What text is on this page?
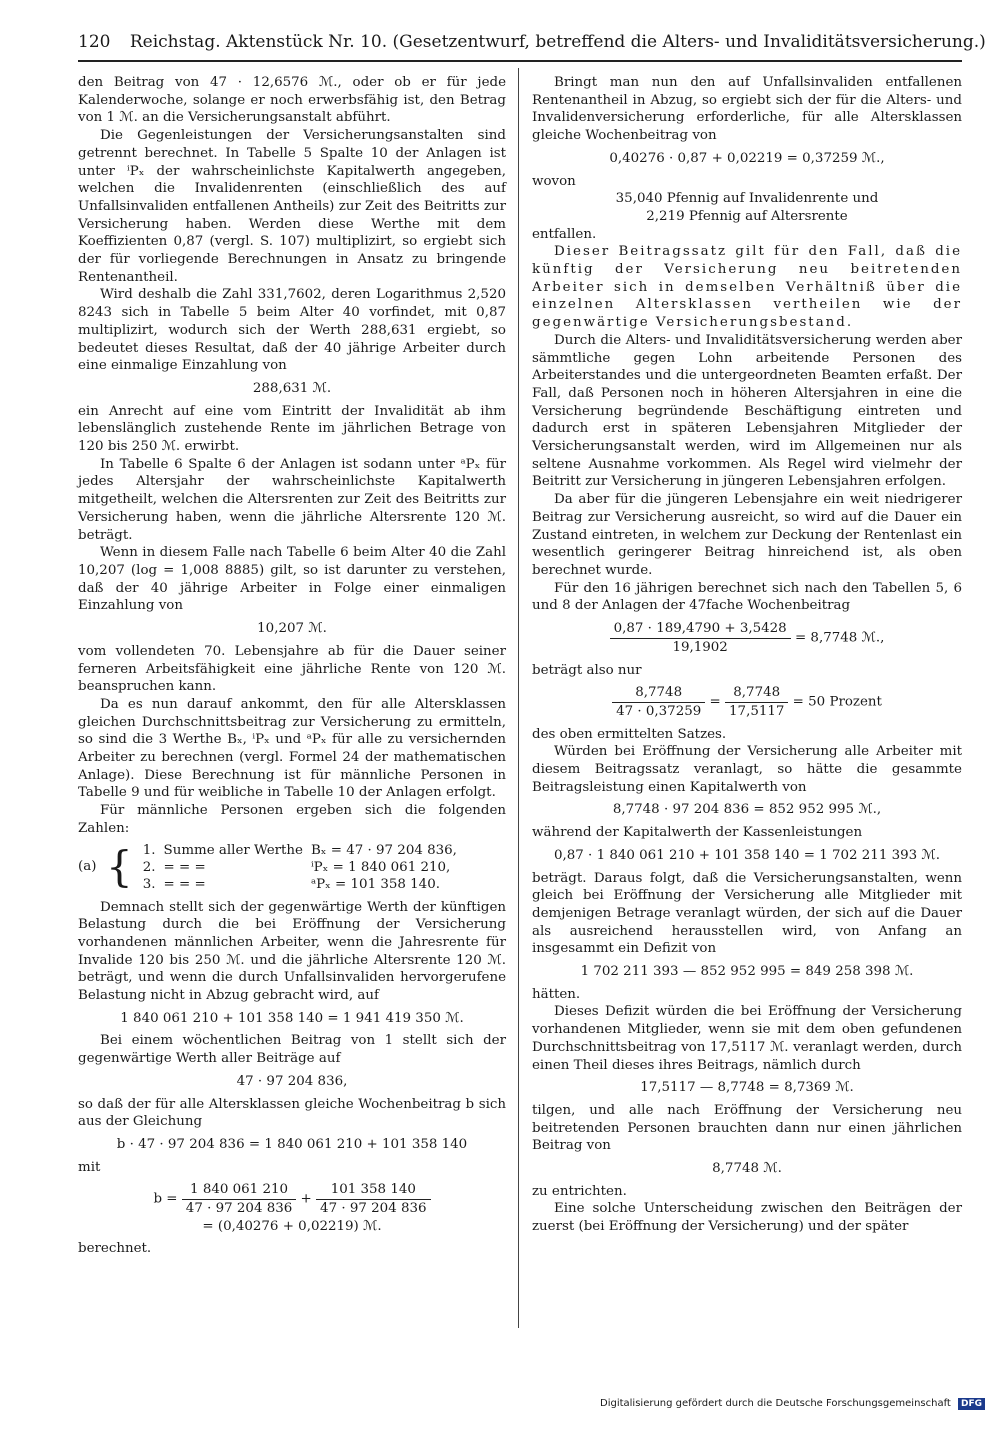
120 Reichstag. Aktenstück Nr. 10. (Gesetzentwurf, betreffend die Alters- und Invaliditätsversicherung.)

den Beitrag von 47 · 12,6576 ℳ., oder ob er für jede Kalenderwoche, solange er noch erwerbsfähig ist, den Betrag von 1 ℳ. an die Versicherungsanstalt abführt.

Die Gegenleistungen der Versicherungsanstalten sind getrennt berechnet. In Tabelle 5 Spalte 10 der Anlagen ist unter ⁱPₓ der wahrscheinlichste Kapitalwerth angegeben, welchen die Invalidenrenten (einschließlich des auf Unfallsinvaliden entfallenen Antheils) zur Zeit des Beitritts zur Versicherung haben. Werden diese Werthe mit dem Koeffizienten 0,87 (vergl. S. 107) multiplizirt, so ergiebt sich der für vorliegende Berechnungen in Ansatz zu bringende Rentenantheil.

Wird deshalb die Zahl 331,7602, deren Logarithmus 2,520 8243 sich in Tabelle 5 beim Alter 40 vorfindet, mit 0,87 multiplizirt, wodurch sich der Werth 288,631 ergiebt, so bedeutet dieses Resultat, daß der 40 jährige Arbeiter durch eine einmalige Einzahlung von

288,631 ℳ.

ein Anrecht auf eine vom Eintritt der Invalidität ab ihm lebenslänglich zustehende Rente im jährlichen Betrage von 120 bis 250 ℳ. erwirbt.

In Tabelle 6 Spalte 6 der Anlagen ist sodann unter ᵃPₓ für jedes Altersjahr der wahrscheinlichste Kapitalwerth mitgetheilt, welchen die Altersrenten zur Zeit des Beitritts zur Versicherung haben, wenn die jährliche Altersrente 120 ℳ. beträgt.

Wenn in diesem Falle nach Tabelle 6 beim Alter 40 die Zahl 10,207 (log = 1,008 8885) gilt, so ist darunter zu verstehen, daß der 40 jährige Arbeiter in Folge einer einmaligen Einzahlung von

10,207 ℳ.

vom vollendeten 70. Lebensjahre ab für die Dauer seiner ferneren Arbeitsfähigkeit eine jährliche Rente von 120 ℳ. beanspruchen kann.

Da es nun darauf ankommt, den für alle Altersklassen gleichen Durchschnittsbeitrag zur Versicherung zu ermitteln, so sind die 3 Werthe Bₓ, ⁱPₓ und ᵃPₓ für alle zu versichernden Arbeiter zu berechnen (vergl. Formel 24 der mathematischen Anlage). Diese Berechnung ist für männliche Personen in Tabelle 9 und für weibliche in Tabelle 10 der Anlagen erfolgt.

Für männliche Personen ergeben sich die folgenden Zahlen:

(a) { 1.	Summe aller Werthe	Bₓ = 47 · 97 204 836,
2.	= = =	ⁱPₓ = 1 840 061 210,
3.	= = =	ᵃPₓ = 101 358 140.

Demnach stellt sich der gegenwärtige Werth der künftigen Belastung durch die bei Eröffnung der Versicherung vorhandenen männlichen Arbeiter, wenn die Jahresrente für Invalide 120 bis 250 ℳ. und die jährliche Altersrente 120 ℳ. beträgt, und wenn die durch Unfallsinvaliden hervorgerufene Belastung nicht in Abzug gebracht wird, auf

1 840 061 210 + 101 358 140 = 1 941 419 350 ℳ.

Bei einem wöchentlichen Beitrag von 1 stellt sich der gegenwärtige Werth aller Beiträge auf

47 · 97 204 836,

so daß der für alle Altersklassen gleiche Wochenbeitrag b sich aus der Gleichung

b · 47 · 97 204 836 = 1 840 061 210 + 101 358 140

mit

$b = \frac{1 840 061 210}{47 \cdot 97 204 836} + \frac{101 358 140}{47 \cdot 97 204 836}$
= (0,40276 + 0,02219) ℳ.

berechnet.

Bringt man nun den auf Unfallsinvaliden entfallenen Rentenantheil in Abzug, so ergiebt sich der für die Alters- und Invalidenversicherung erforderliche, für alle Altersklassen gleiche Wochenbeitrag von

0,40276 · 0,87 + 0,02219 = 0,37259 ℳ.,

wovon

35,040 Pfennig auf Invalidenrente und
2,219 Pfennig auf Altersrente

entfallen.

Dieser Beitragssatz gilt für den Fall, daß die künftig der Versicherung neu beitretenden Arbeiter sich in demselben Verhältniß über die einzelnen Altersklassen vertheilen wie der gegenwärtige Versicherungsbestand.

Durch die Alters- und Invaliditätsversicherung werden aber sämmtliche gegen Lohn arbeitende Personen des Arbeiterstandes und die untergeordneten Beamten erfaßt. Der Fall, daß Personen noch in höheren Altersjahren in eine die Versicherung begründende Beschäftigung eintreten und dadurch erst in späteren Lebensjahren Mitglieder der Versicherungsanstalt werden, wird im Allgemeinen nur als seltene Ausnahme vorkommen. Als Regel wird vielmehr der Beitritt zur Versicherung in jüngeren Lebensjahren erfolgen.

Da aber für die jüngeren Lebensjahre ein weit niedrigerer Beitrag zur Versicherung ausreicht, so wird auf die Dauer ein Zustand eintreten, in welchem zur Deckung der Rentenlast ein wesentlich geringerer Beitrag hinreichend ist, als oben berechnet wurde.

Für den 16 jährigen berechnet sich nach den Tabellen 5, 6 und 8 der Anlagen der 47fache Wochenbeitrag

$\frac{0,87 \cdot 189,4790 + 3,5428}{19,1902} = 8,7748$ ℳ.,

beträgt also nur

$\frac{8,7748}{47 \cdot 0,37259} = \frac{8,7748}{17,5117} = 50$ Prozent

des oben ermittelten Satzes.

Würden bei Eröffnung der Versicherung alle Arbeiter mit diesem Beitragssatz veranlagt, so hätte die gesammte Beitragsleistung einen Kapitalwerth von

8,7748 · 97 204 836 = 852 952 995 ℳ.,

während der Kapitalwerth der Kassenleistungen

0,87 · 1 840 061 210 + 101 358 140 = 1 702 211 393 ℳ.

beträgt. Daraus folgt, daß die Versicherungsanstalten, wenn gleich bei Eröffnung der Versicherung alle Mitglieder mit demjenigen Betrage veranlagt würden, der sich auf die Dauer als ausreichend herausstellen wird, von Anfang an insgesammt ein Defizit von

1 702 211 393 — 852 952 995 = 849 258 398 ℳ.

hätten.

Dieses Defizit würden die bei Eröffnung der Versicherung vorhandenen Mitglieder, wenn sie mit dem oben gefundenen Durchschnittsbeitrag von 17,5117 ℳ. veranlagt werden, durch einen Theil dieses ihres Beitrags, nämlich durch

17,5117 — 8,7748 = 8,7369 ℳ.

tilgen, und alle nach Eröffnung der Versicherung neu beitretenden Personen brauchten dann nur einen jährlichen Beitrag von

8,7748 ℳ.

zu entrichten.

Eine solche Unterscheidung zwischen den Beiträgen der zuerst (bei Eröffnung der Versicherung) und der später

Digitalisierung gefördert durch die Deutsche Forschungsgemeinschaft DFG
